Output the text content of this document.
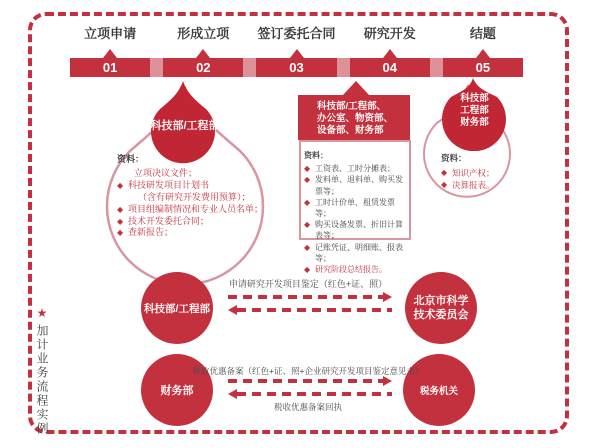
★加计业务流程实例
立项申请	形成立项	签订委托合同	研究开发	结题
01	02	03	04	05
科技部/工程部
资料：
立项决议文件；
◆ 科技研发项目计划书
（含有研究开发费用预算）；
◆ 项目组编制情况和专业人员名单；
◆ 技术开发委托合同；
◆ 查新报告；
科技部/工程部、
办公室、物资部、
设备部、财务部
资料：
◆ 工资表、工时分摊表；
◆ 发料单、退料单、购买发票等；
◆ 工时计价单、租赁发票等；
◆ 购买设备发票、折旧计算表等；
◆ 记账凭证、明细账、报表等；
◆ 研究阶段总结报告。
科技部
工程部
财务部
资料：
◆ 知识产权；
◆ 决算报表。
科技部/工程部
北京市科学
技术委员会
申请研究开发项目鉴定（红色+证、照）
财务部	税务机关
税收优惠备案（红色+证、照+企业研究开发项目鉴定意见书）
税收优惠备案回执
